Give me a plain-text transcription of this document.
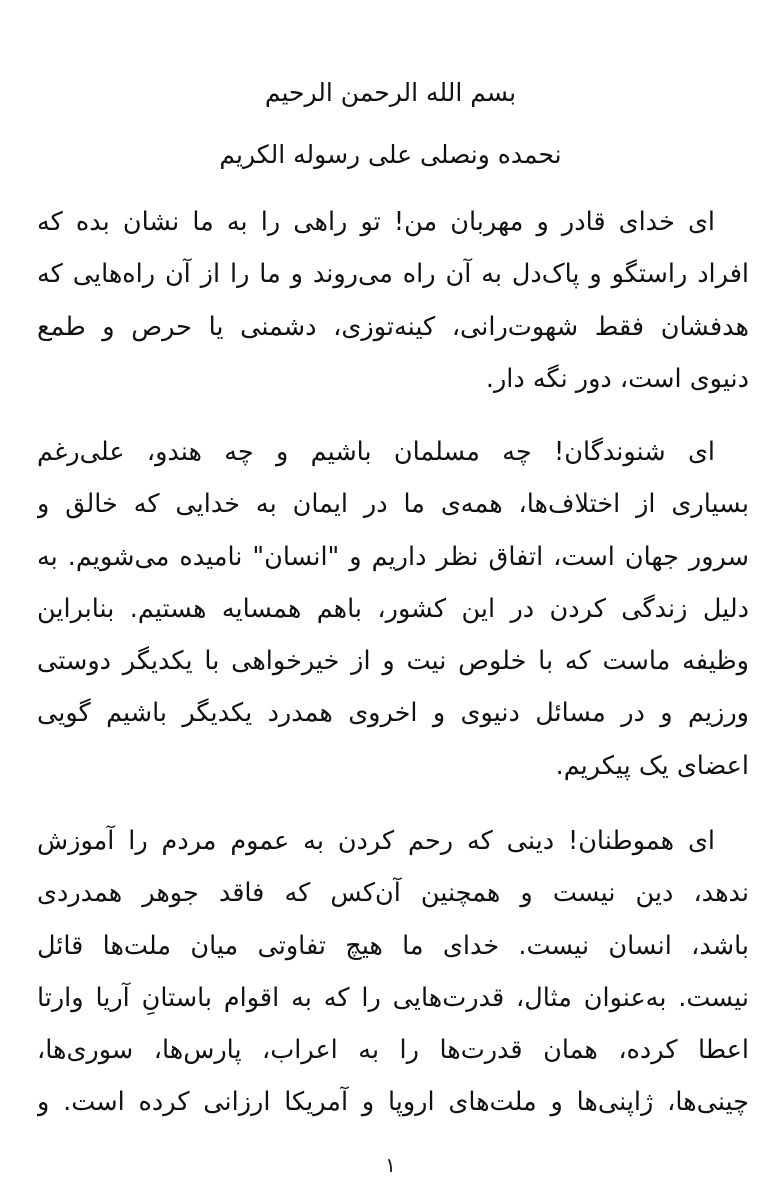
بسم الله الرحمن الرحیم
نحمده ونصلی علی رسوله الکریم
ای خدای قادر و مهربان من! تو راهی را به ما نشان بده که
افراد راستگو و پاک‌دل به آن راه می‌روند و ما را از آن راه‌هایی که
هدفشان فقط شهوت‌رانی، کینه‌توزی، دشمنی یا حرص و طمع
دنیوی است، دور نگه دار.
ای شنوندگان! چه مسلمان باشیم و چه هندو، علی‌رغم
بسیاری از اختلاف‌ها، همه‌ی ما در ایمان به خدایی که خالق و
سرور جهان است، اتفاق نظر داریم و "انسان" نامیده می‌شویم. به
دلیل زندگی کردن در این کشور، باهم همسایه هستیم. بنابراین
وظیفه ماست که با خلوص نیت و از خیرخواهی با یکدیگر دوستی
ورزیم و در مسائل دنیوی و اخروی همدرد یکدیگر باشیم گویی
اعضای یک پیکریم.
ای هموطنان! دینی که رحم کردن به عموم مردم را آموزش
ندهد، دین نیست و همچنین آن‌کس که فاقد جوهر همدردی
باشد، انسان نیست. خدای ما هیچ تفاوتی میان ملت‌ها قائل
نیست. به‌عنوان مثال، قدرت‌هایی را که به اقوام باستانِ آریا وارتا
اعطا کرده، همان قدرت‌ها را به اعراب، پارس‌ها، سوری‌ها،
چینی‌ها، ژاپنی‌ها و ملت‌های اروپا و آمریکا ارزانی کرده است. و
۱
